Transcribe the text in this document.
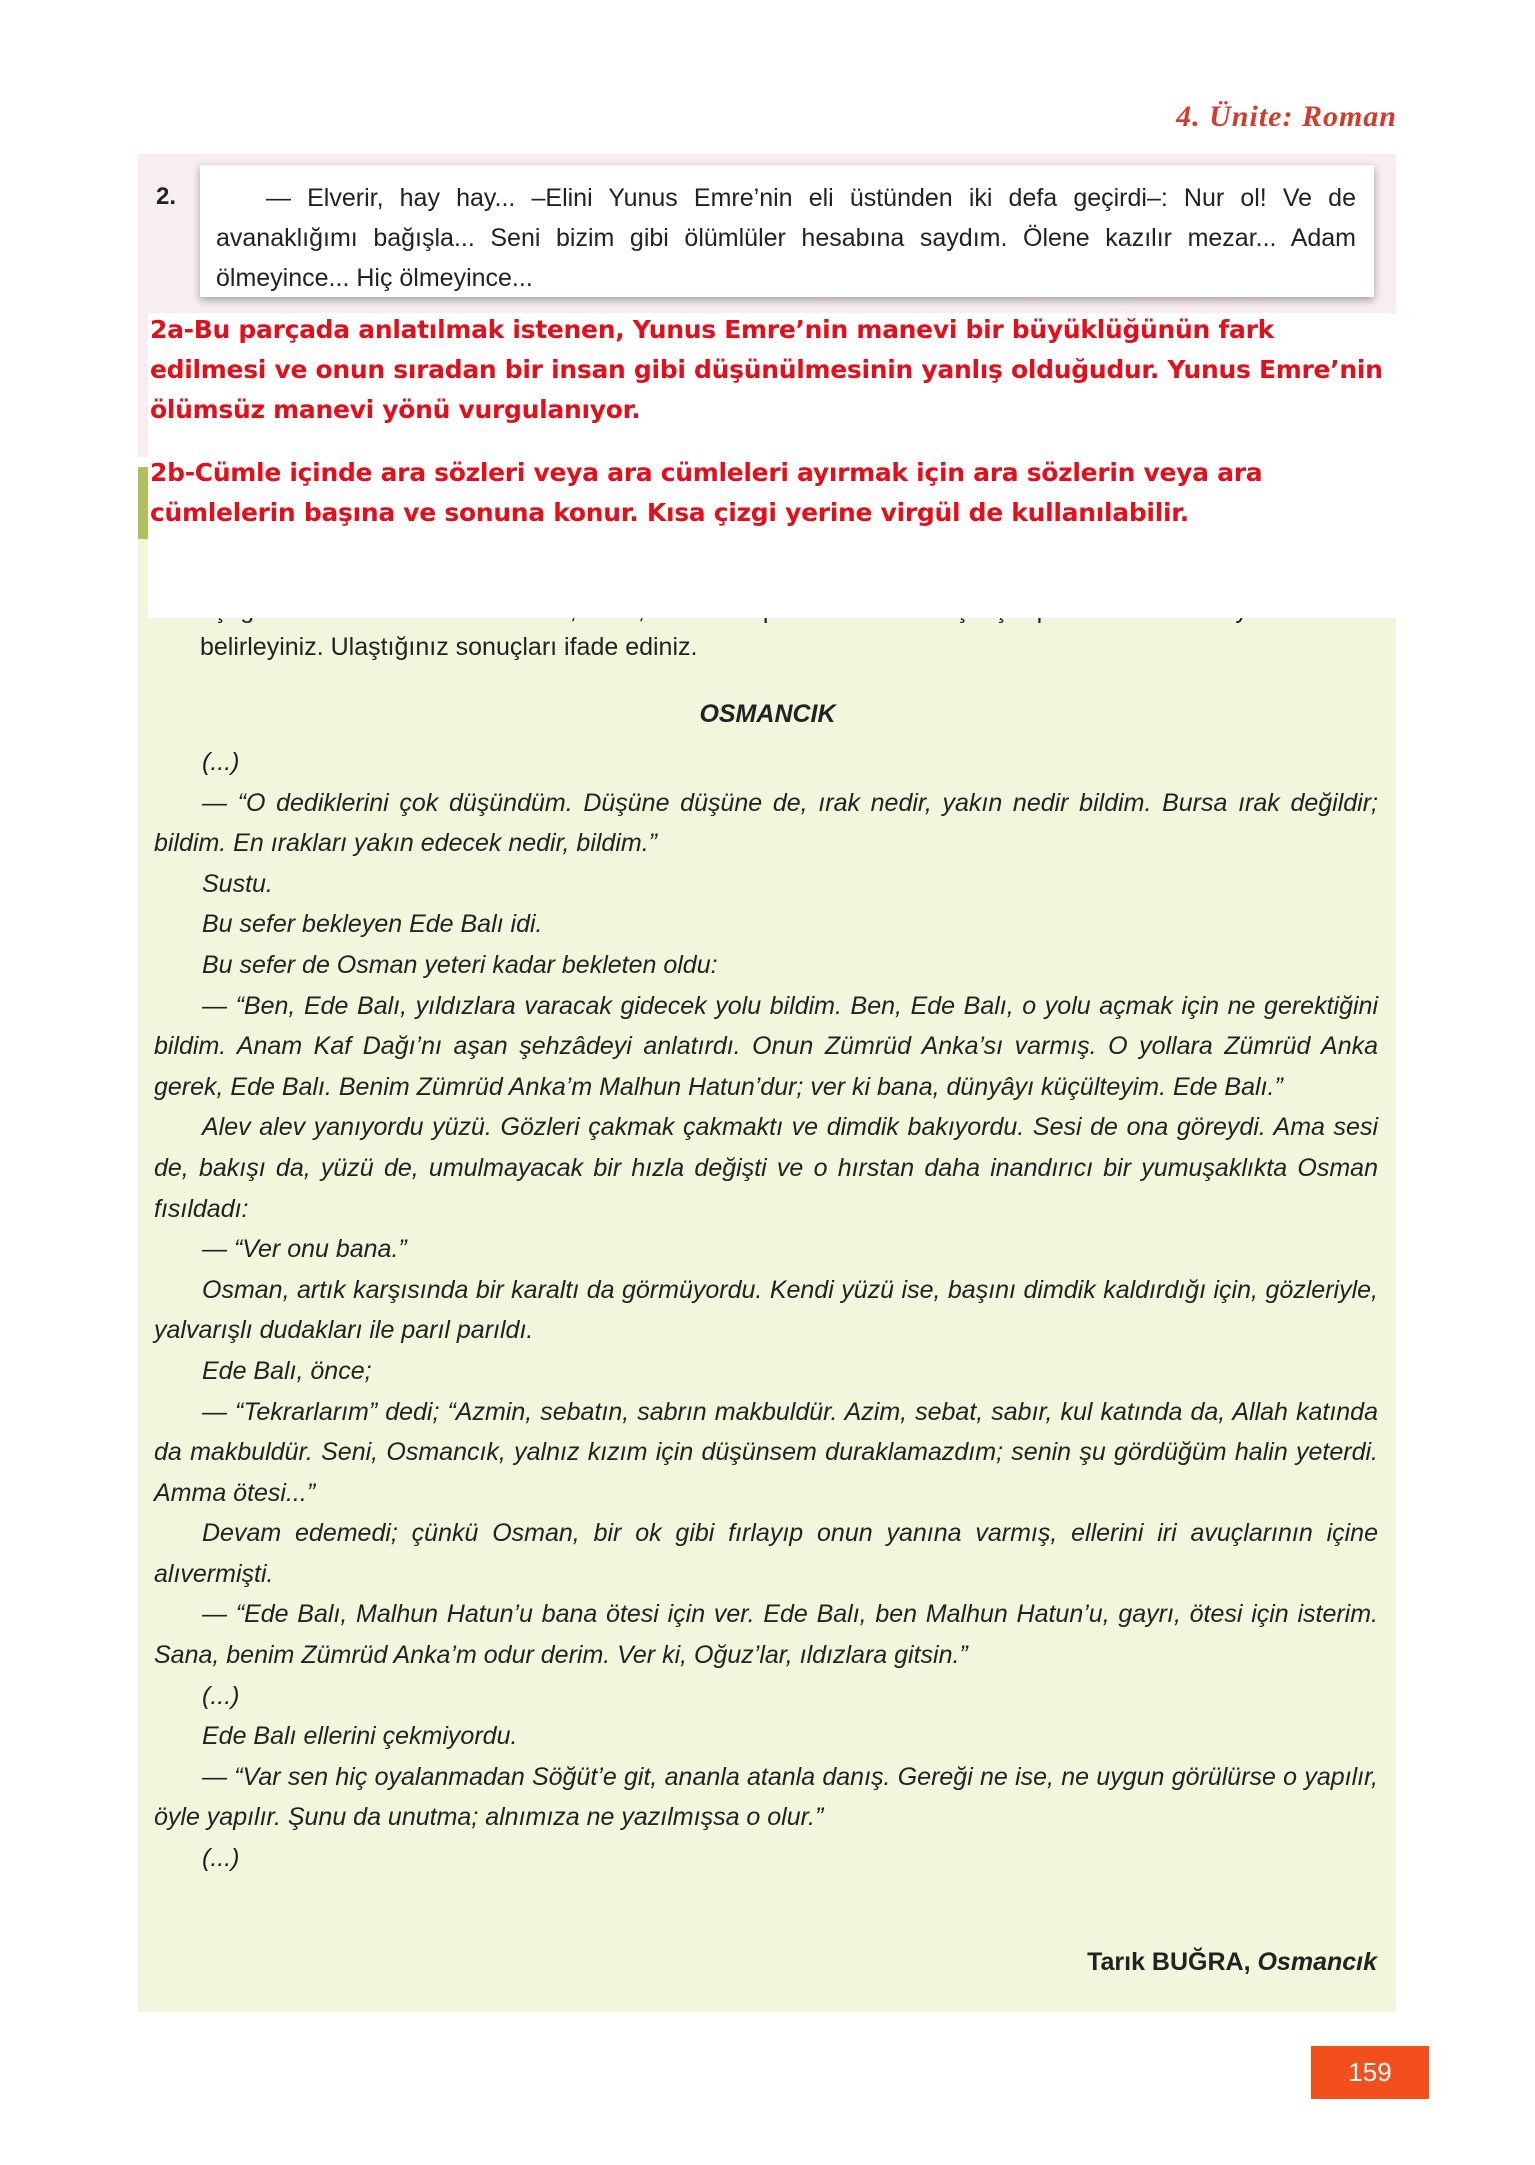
4. Ünite: Roman
2.	— Elverir, hay hay... –Elini Yunus Emre’nin eli üstünden iki defa geçirdi–: Nur ol! Ve de avanaklığımı bağışla... Seni bizim gibi ölümlüler hesabına saydım. Ölene kazılır mezar... Adam ölmeyince... Hiç ölmeyince...
2a-Bu parçada anlatılmak istenen, Yunus Emre’nin manevi bir büyüklüğünün fark edilmesi ve onun sıradan bir insan gibi düşünülmesinin yanlış olduğudur. Yunus Emre’nin ölümsüz manevi yönü vurgulanıyor.
2b-Cümle içinde ara sözleri veya ara cümleleri ayırmak için ara sözlerin veya ara cümlelerin başına ve sonuna konur. Kısa çizgi yerine virgül de kullanılabilir.
belirleyiniz. Ulaştığınız sonuçları ifade ediniz.
OSMANCIK

(...)

— “O dediklerini çok düşündüm. Düşüne düşüne de, ırak nedir, yakın nedir bildim. Bursa ırak değildir; bildim. En ırakları yakın edecek nedir, bildim.”

Sustu.

Bu sefer bekleyen Ede Balı idi.

Bu sefer de Osman yeteri kadar bekleten oldu:

— “Ben, Ede Balı, yıldızlara varacak gidecek yolu bildim. Ben, Ede Balı, o yolu açmak için ne gerektiğini bildim. Anam Kaf Dağı’nı aşan şehzâdeyi anlatırdı. Onun Zümrüd Anka’sı varmış. O yollara Zümrüd Anka gerek, Ede Balı. Benim Zümrüd Anka’m Malhun Hatun’dur; ver ki bana, dünyâyı küçülteyim. Ede Balı.”

Alev alev yanıyordu yüzü. Gözleri çakmak çakmaktı ve dimdik bakıyordu. Sesi de ona göreydi. Ama sesi de, bakışı da, yüzü de, umulmayacak bir hızla değişti ve o hırstan daha inandırıcı bir yumuşaklıkta Osman fısıldadı:

— “Ver onu bana.”

Osman, artık karşısında bir karaltı da görmüyordu. Kendi yüzü ise, başını dimdik kaldırdığı için, gözleriyle, yalvarışlı dudakları ile parıl parıldı.

Ede Balı, önce;

— “Tekrarlarım” dedi; “Azmin, sebatın, sabrın makbuldür. Azim, sebat, sabır, kul katında da, Allah katında da makbuldür. Seni, Osmancık, yalnız kızım için düşünsem duraklamazdım; senin şu gördüğüm halin yeterdi. Amma ötesi...”

Devam edemedi; çünkü Osman, bir ok gibi fırlayıp onun yanına varmış, ellerini iri avuçlarının içine alıvermişti.

— “Ede Balı, Malhun Hatun’u bana ötesi için ver. Ede Balı, ben Malhun Hatun’u, gayrı, ötesi için isterim. Sana, benim Zümrüd Anka’m odur derim. Ver ki, Oğuz’lar, ıldızlara gitsin.”

(...)

Ede Balı ellerini çekmiyordu.

— “Var sen hiç oyalanmadan Söğüt’e git, ananla atanla danış. Gereği ne ise, ne uygun görülürse o yapılır, öyle yapılır. Şunu da unutma; alnımıza ne yazılmışsa o olur.”

(...)

Tarık BUĞRA, Osmancık
159
